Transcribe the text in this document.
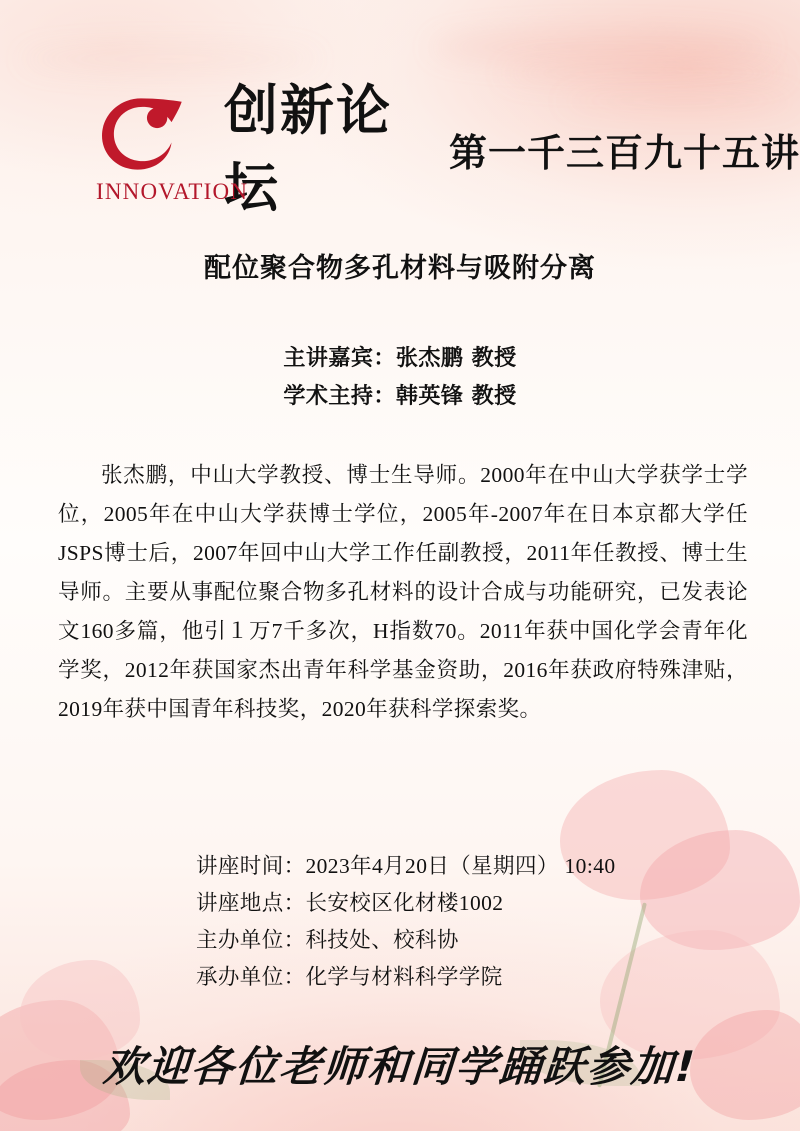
INNOVATION
创新论坛
第一千三百九十五讲
配位聚合物多孔材料与吸附分离
主讲嘉宾：张杰鹏 教授
学术主持：韩英锋 教授
张杰鹏，中山大学教授、博士生导师。2000年在中山大学获学士学位，2005年在中山大学获博士学位，2005年-2007年在日本京都大学任JSPS博士后，2007年回中山大学工作任副教授，2011年任教授、博士生导师。主要从事配位聚合物多孔材料的设计合成与功能研究，已发表论文160多篇，他引１万7千多次，H指数70。2011年获中国化学会青年化学奖，2012年获国家杰出青年科学基金资助，2016年获政府特殊津贴，2019年获中国青年科技奖，2020年获科学探索奖。
讲座时间：2023年4月20日（星期四） 10:40
讲座地点：长安校区化材楼1002
主办单位：科技处、校科协
承办单位：化学与材料科学学院
欢迎各位老师和同学踊跃参加!
